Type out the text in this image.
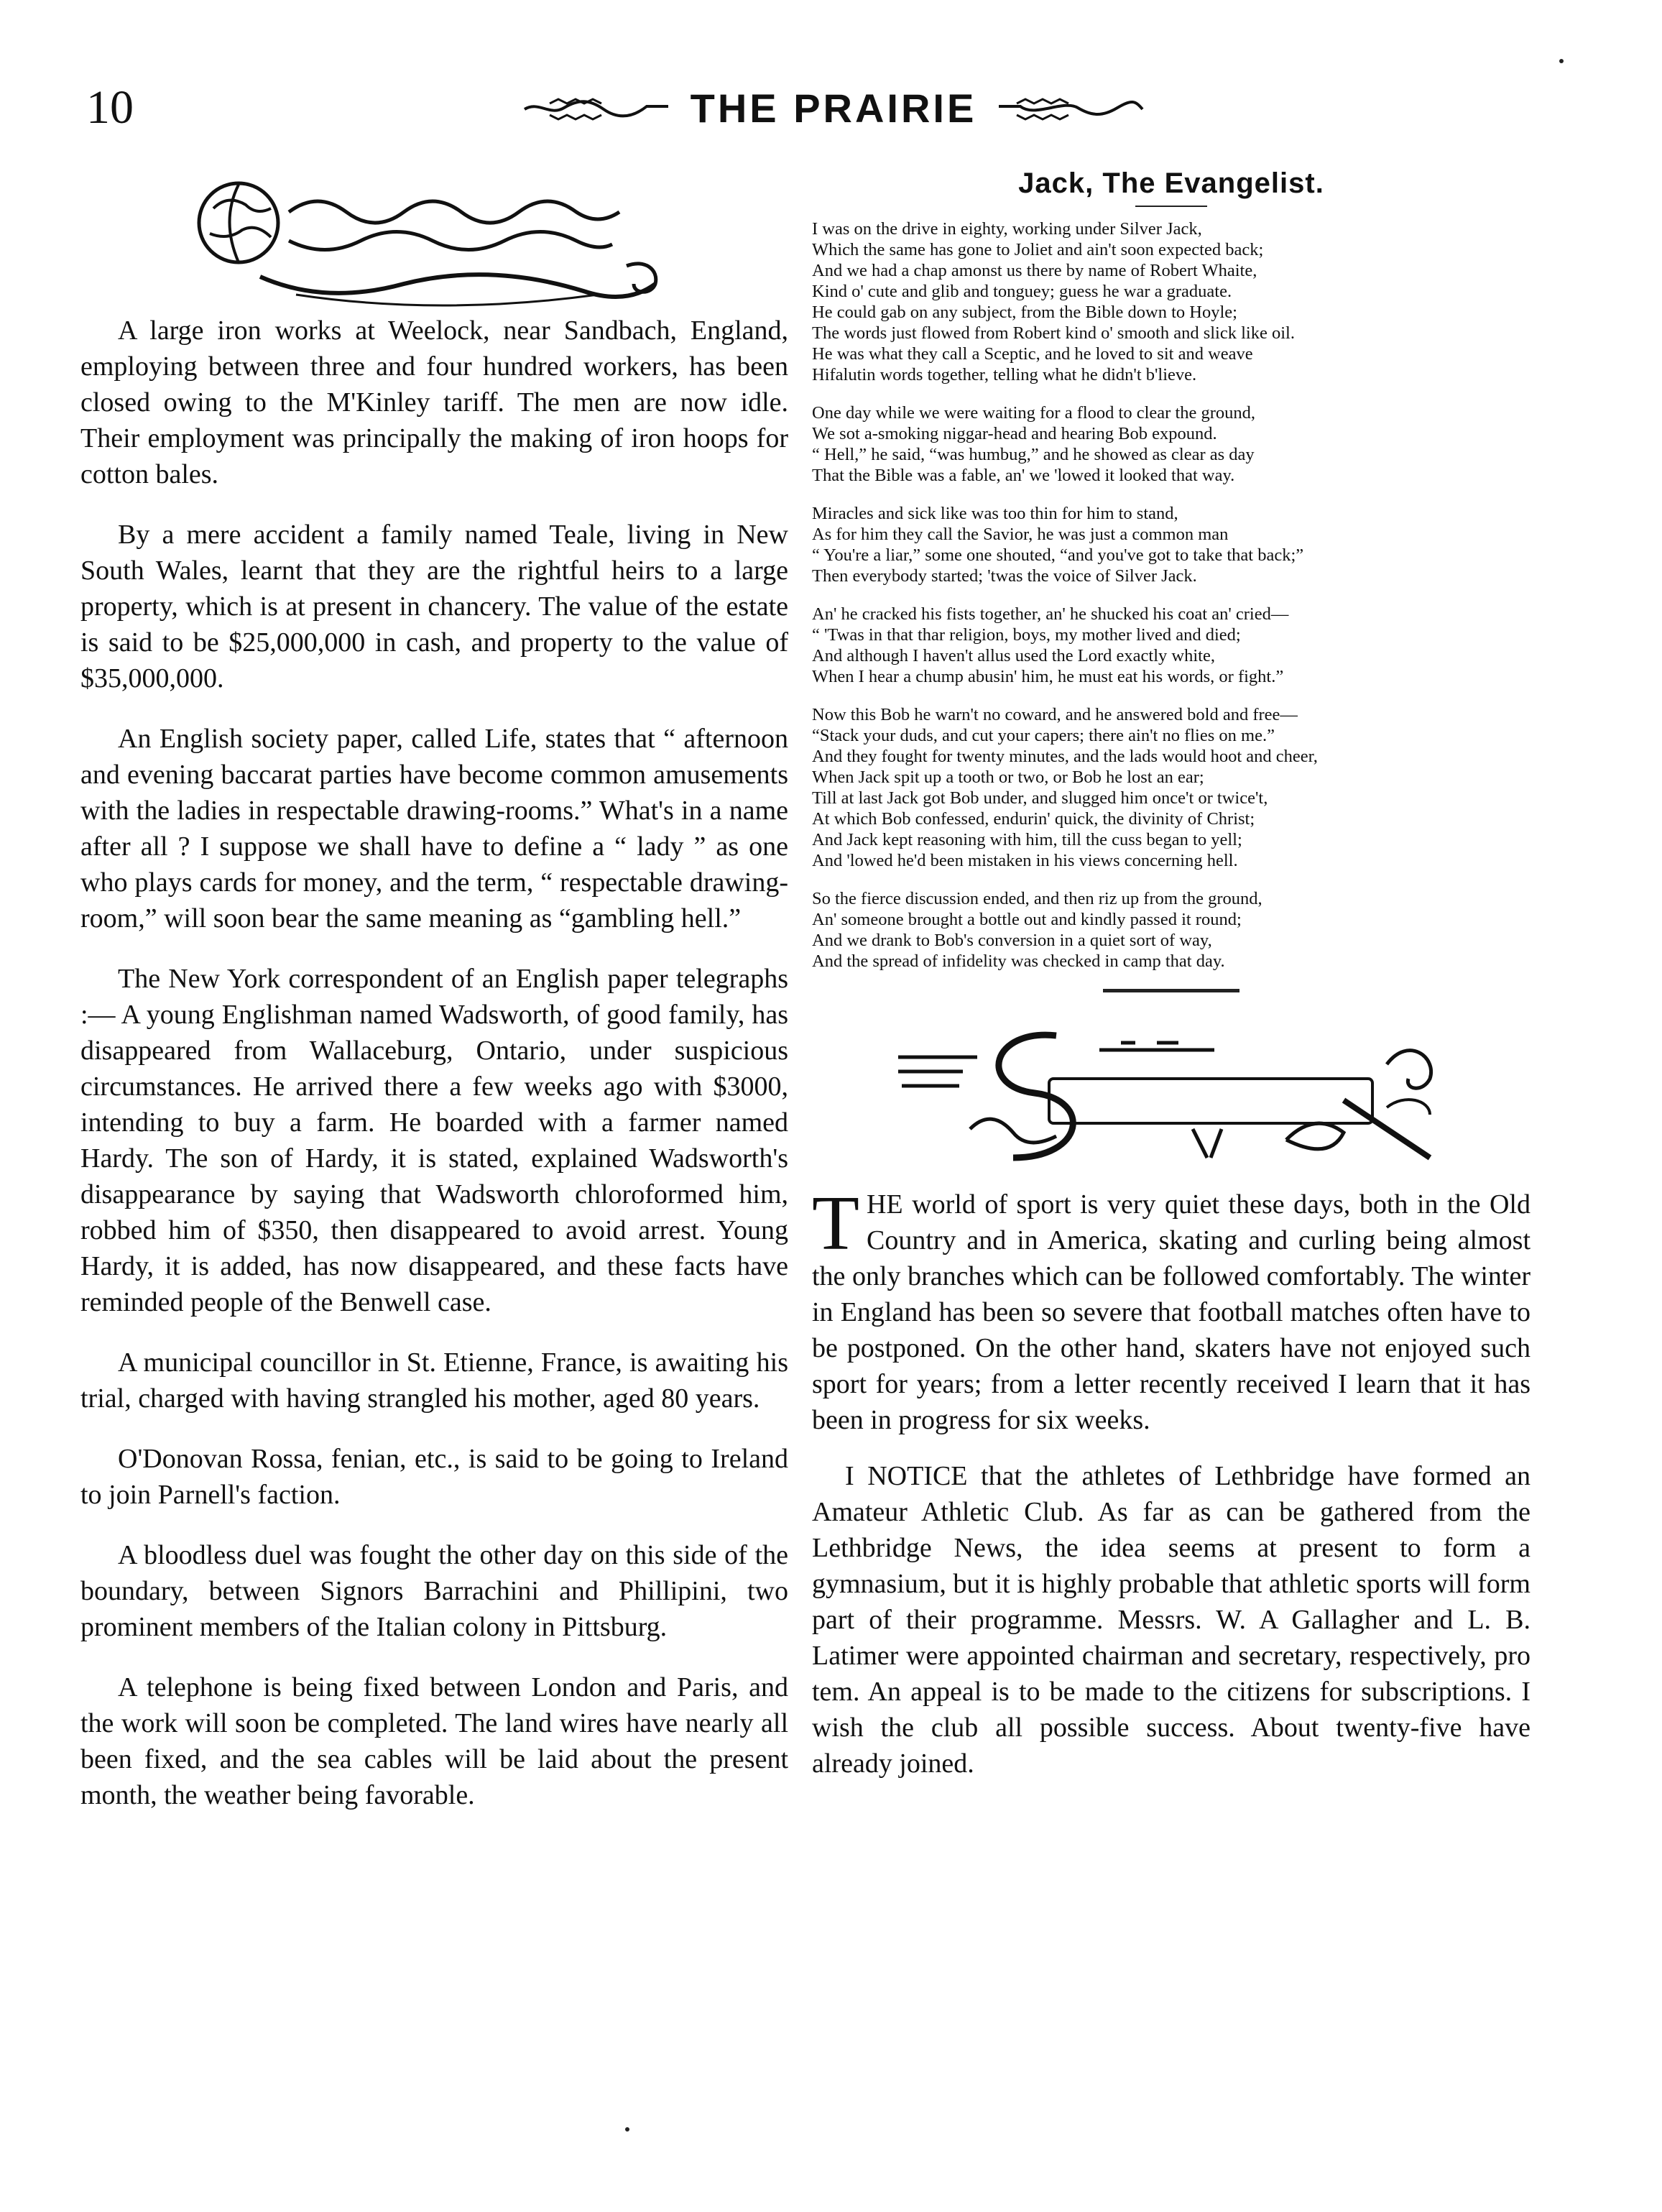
10	THE PRAIRIE

A large iron works at Weelock, near Sandbach, England, employing between three and four hundred workers, has been closed owing to the M'Kinley tariff. The men are now idle. Their employment was principally the making of iron hoops for cotton bales.

By a mere accident a family named Teale, living in New South Wales, learnt that they are the rightful heirs to a large property, which is at present in chancery. The value of the estate is said to be $25,000,000 in cash, and property to the value of $35,000,000.

An English society paper, called Life, states that “ afternoon and evening baccarat parties have become common amusements with the ladies in respectable drawing-rooms.” What's in a name after all ? I suppose we shall have to define a “ lady ” as one who plays cards for money, and the term, “ respectable drawing-room,” will soon bear the same meaning as “gambling hell.”

The New York correspondent of an English paper telegraphs :— A young Englishman named Wadsworth, of good family, has disappeared from Wallaceburg, Ontario, under suspicious circumstances. He arrived there a few weeks ago with $3000, intending to buy a farm. He boarded with a farmer named Hardy. The son of Hardy, it is stated, explained Wadsworth's disappearance by saying that Wadsworth chloroformed him, robbed him of $350, then disappeared to avoid arrest. Young Hardy, it is added, has now disappeared, and these facts have reminded people of the Benwell case.

A municipal councillor in St. Etienne, France, is awaiting his trial, charged with having strangled his mother, aged 80 years.

O'Donovan Rossa, fenian, etc., is said to be going to Ireland to join Parnell's faction.

A bloodless duel was fought the other day on this side of the boundary, between Signors Barrachini and Phillipini, two prominent members of the Italian colony in Pittsburg.

A telephone is being fixed between London and Paris, and the work will soon be completed. The land wires have nearly all been fixed, and the sea cables will be laid about the present month, the weather being favorable.

Jack, The Evangelist.

I was on the drive in eighty, working under Silver Jack,

Which the same has gone to Joliet and ain't soon expected back;

And we had a chap amonst us there by name of Robert Whaite,

Kind o' cute and glib and tonguey; guess he war a graduate.

He could gab on any subject, from the Bible down to Hoyle;

The words just flowed from Robert kind o' smooth and slick like oil.

He was what they call a Sceptic, and he loved to sit and weave

Hifalutin words together, telling what he didn't b'lieve.

One day while we were waiting for a flood to clear the ground,

We sot a-smoking niggar-head and hearing Bob expound.

“ Hell,” he said, “was humbug,” and he showed as clear as day

That the Bible was a fable, an' we 'lowed it looked that way.

Miracles and sick like was too thin for him to stand,

As for him they call the Savior, he was just a common man

“ You're a liar,” some one shouted, “and you've got to take that back;”

Then everybody started; 'twas the voice of Silver Jack.

An' he cracked his fists together, an' he shucked his coat an' cried—

“ 'Twas in that thar religion, boys, my mother lived and died;

And although I haven't allus used the Lord exactly white,

When I hear a chump abusin' him, he must eat his words, or fight.”

Now this Bob he warn't no coward, and he answered bold and free—

“Stack your duds, and cut your capers; there ain't no flies on me.”

And they fought for twenty minutes, and the lads would hoot and cheer,

When Jack spit up a tooth or two, or Bob he lost an ear;

Till at last Jack got Bob under, and slugged him once't or twice't,

At which Bob confessed, endurin' quick, the divinity of Christ;

And Jack kept reasoning with him, till the cuss began to yell;

And 'lowed he'd been mistaken in his views concerning hell.

So the fierce discussion ended, and then riz up from the ground,

An' someone brought a bottle out and kindly passed it round;

And we drank to Bob's conversion in a quiet sort of way,

And the spread of infidelity was checked in camp that day.

THE world of sport is very quiet these days, both in the Old Country and in America, skating and curling being almost the only branches which can be followed comfortably. The winter in England has been so severe that football matches often have to be postponed. On the other hand, skaters have not enjoyed such sport for years; from a letter recently received I learn that it has been in progress for six weeks.

I NOTICE that the athletes of Lethbridge have formed an Amateur Athletic Club. As far as can be gathered from the Lethbridge News, the idea seems at present to form a gymnasium, but it is highly probable that athletic sports will form part of their programme. Messrs. W. A Gallagher and L. B. Latimer were appointed chairman and secretary, respectively, pro tem. An appeal is to be made to the citizens for subscriptions. I wish the club all possible success. About twenty-five have already joined.
